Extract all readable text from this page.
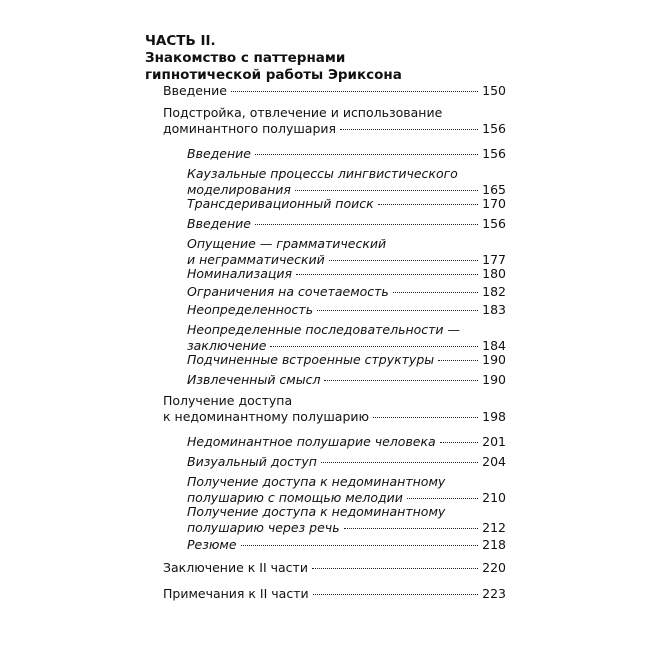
ЧАСТЬ II.
Знакомство с паттернами
гипнотической работы Эриксона
Введение	150
Подстройка, отвлечение и использование
доминантного полушария	156
Введение	156
Каузальные процессы лингвистического
моделирования	165
Трансдеривационный поиск	170
Введение	156
Опущение — грамматический
и неграмматический	177
Номинализация	180
Ограничения на сочетаемость	182
Неопределенность	183
Неопределенные последовательности —
заключение	184
Подчиненные встроенные структуры	190
Извлеченный смысл	190
Получение доступа
к недоминантному полушарию	198
Недоминантное полушарие человека	201
Визуальный доступ	204
Получение доступа к недоминантному
полушарию с помощью мелодии	210
Получение доступа к недоминантному
полушарию через речь	212
Резюме	218
Заключение к II части	220
Примечания к II части	223
